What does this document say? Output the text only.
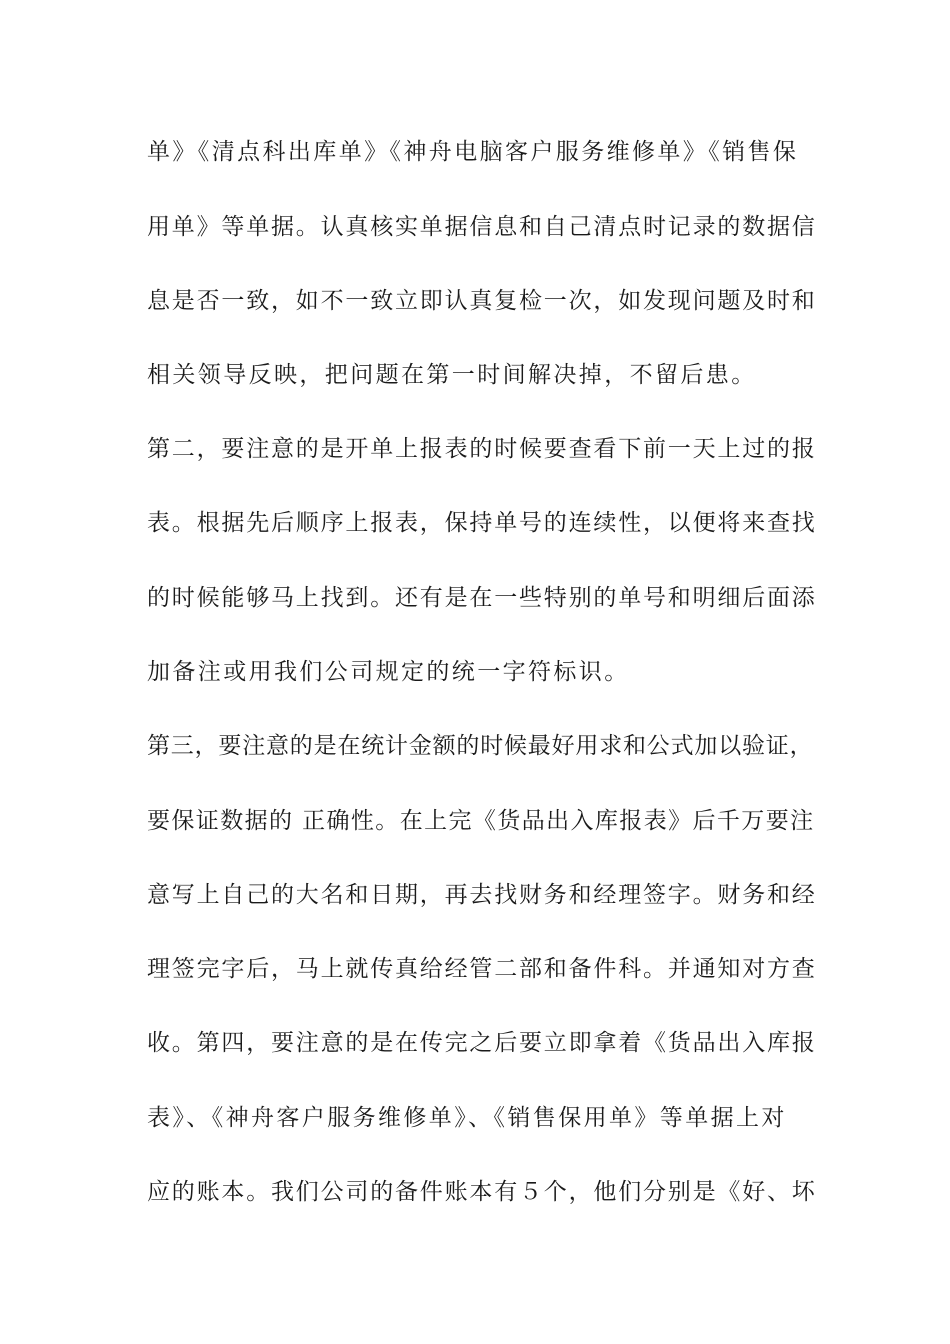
单》《清点科出库单》《神舟电脑客户服务维修单》《销售保
用单》等单据。认真核实单据信息和自己清点时记录的数据信
息是否一致，如不一致立即认真复检一次，如发现问题及时和
相关领导反映，把问题在第一时间解决掉，不留后患。
第二，要注意的是开单上报表的时候要查看下前一天上过的报
表。根据先后顺序上报表，保持单号的连续性，以便将来查找
的时候能够马上找到。还有是在一些特别的单号和明细后面添
加备注或用我们公司规定的统一字符标识。
第三，要注意的是在统计金额的时候最好用求和公式加以验证，
要保证数据的 正确性。在上完《货品出入库报表》后千万要注
意写上自己的大名和日期，再去找财务和经理签字。财务和经
理签完字后，马上就传真给经管二部和备件科。并通知对方查
收。第四，要注意的是在传完之后要立即拿着《货品出入库报
表》、《神舟客户服务维修单》、《销售保用单》等单据上对
应的账本。我们公司的备件账本有５个，他们分别是《好、坏
